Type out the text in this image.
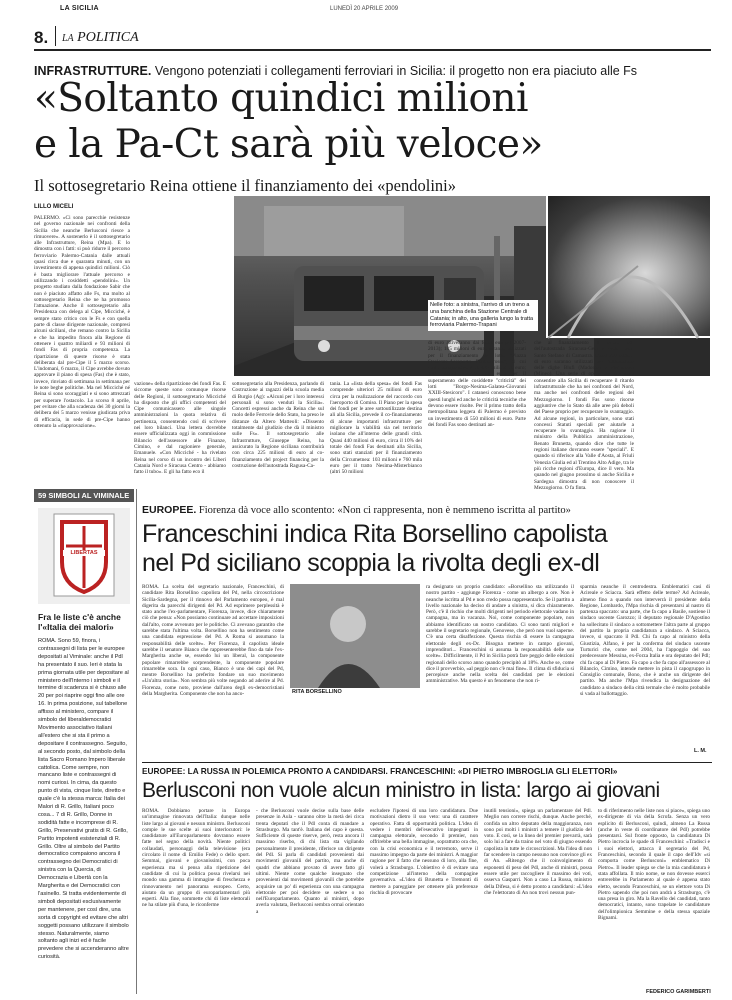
LA SICILIA	LUNEDÌ 20 APRILE 2009
8. la POLITICA
INFRASTRUTTURE. Vengono potenziati i collegamenti ferroviari in Sicilia: il progetto non era piaciuto alle Fs
«Soltanto quindici milioni
e la Pa-Ct sarà più veloce»
Il sottosegretario Reina ottiene il finanziamento dei «pendolini»
Nelle foto: a sinistra, l'arrivo di un treno a una banchina della Stazione Centrale di Catania; in alto, una galleria lungo la tratta ferroviaria Palermo-Trapani
LILLO MICELI
PALERMO. «Ci sono parecchie resistenze nel governo nazionale nei confronti della Sicilia che neanche Berlusconi riesce a rimuovere». A sostenerlo è il sottosegretario alle Infrastrutture, Reina (Mpa). E lo dimostra con i fatti: si può ridurre il percorso ferroviario Palermo-Catania dalle attuali quasi circa due e quaranta minuti, con un investimento di appena quindici milioni. Ciò è basta migliorare l'attuale percorso e utilizzando i cosiddetti «pendolini». Un progetto studiato dalla fondazione Sabir che non è piaciuto affatto alle Fs, ma molto al sottosegretario Reina che ne ha promosso l'attuazione. Anche il sottosegretario alla Presidenza con delega al Cipe, Micciché, è sempre stato critico con le Fs e con quella parte di classe dirigente nazionale, compresi alcuni siciliani, che remano contro la Sicilia e che ha impedito finora alla Regione di ottenere i quattro miliardi e 93 milioni di fondi Fas di propria competenza. La ripartizione di queste risorse è stata deliberata dal pre-Cipe il 5 marzo scorso. L'indomani, 6 marzo, il Cipe avrebbe dovuto approvare il piano di spesa (Fas) che è stato, invece, rinviato di settimana in settimana per le note beghe politiche. Ma nel Micciché né Reina si sono scoraggiati e si sono attrezzati per superare l'ostacolo. Lo scorso 8 aprile, per evitare che alla scadenza dei 30 giorni la delibera dei 5 marzo venisse giudicata priva di efficacia, in sede di pre-Cipe hanno ottenuto la «riapprovazione».
vazione» della ripartizione dei fondi Fas. E siccome queste sono comunque risorse delle Regioni, il sottosegretario Micciché ha disposto che gli uffici competenti del Cipe comunicassero alle singole amministrazioni la quota relativa di pertinenza, consentendo così di scrivere nei loro bilanci. Una lettera dovrebbe essere ufficializzata oggi in commissione Bilancio dell'assessore alle Finanze, Cimino, e dal ragioniere generale, Emanuele. «Con Micciché - ha rivelato Reina nel corso di un incontro dei Liberi Catania Nord e Siracusa Centro - abbiamo fatto il tubo». E gli ha fatto eco il
sottosegretario alla Presidenza, parlando di Costruzione ai ragazzi della scuola media di Burgio (Ag): «Alcuni per i loro interessi personali si sono venduti la Sicilia». Concetti espressi anche da Reina che sul ruolo delle Ferrovie dello Stato, ha preso le distanze da Altero Matteoli: «Dissento totalmente dal giudizio che dà il ministro sulle Fs». Il sottosegretario alle Infrastrutture, Giuseppe Reina, ha assicurato la Regione siciliana contribuirà con circa 225 milioni di euro al co-finanziamento del project financing per la costruzione dell'autostrada Ragusa-Ca-
tania. La «lista della spesa» dei fondi Fas comprende ulteriori 25 milioni di euro circa per la realizzazione del raccordo con l'aeroporto di Comiso. Il Piano per la spesa dei fondi per le aree sottoutilizzate destina ali alla Sicilia, prevede il co-finanziamento di alcune importanti infrastrutture per migliorare la viabilità sia nel territorio isolano che all'interno delle grandi città. Quasi 440 milioni di euro, circa il 10% del totale dei fondi Fas destinati alla Sicilia, sono stati stanziati per il finanziamento della Circumetnea: 103 milioni e 760 mila euro per il tratto Nesima-Misterbianco (altri 50 milioni
di euro attiveranno dai fondi europei 2007-2013); 185 milioni di euro saranno utilizzati per il finanziamento del lotto "Piazza Stesicoro-Aeroporto Fontanarossa", il cui costo complessivo è di 425 milioni di euro; 150 milioni e 700 mila euro per il superamento delle cosiddette "criticità" dei lotti "Borgo-Nesima-Galatea-Giovanni XXIII-Stesicoro". I catanesi conoscono bene questi lunghi ed anche le criticità tecniche che devono essere risolte. Per il primo tratto della metropolitana leggera di Palermo è previsto un investimento di 550 milioni di euro. Parte dei fondi Fas sono destinati an-
che al finanziamento di alcuni lotti dell'autostrada Siracusa-Gela e della Gela-Santo Stefano di Camastra. Quasi 200 milioni di euro saranno utilizzati per l'ultimazione delle dighe Blufi (Madonie) e Pietrarossa (Mineo). Una serie di opere che dovranno consentire alla Sicilia di recuperare il ritardo infrastrutturale che ha nei confronti del Nord, ma anche nei confronti delle regioni del Mezzogiorno. I fondi Fas sono risorse aggiuntive che lo Stato dà alle aree più deboli del Paese proprio per recuperare lo svantaggio. Ad alcune regioni, in particolare, sono stati concessi Statuti speciali per aiutarle a recuperare lo svantaggio. Ha ragione il ministro della Pubblica amministrazione, Renato Brunetta, quando dice che tutte le regioni italiane dovranno essere "speciali". E quando si riferisce alla Valle d'Aosta, al Friuli Venezia Giulia ed al Trentino Alto Adige, tra le più ricche regioni d'Europa, dice il vero. Ma quando nel giugno prossimo si anche Sicilia e Sardegna dimostra di non conoscere il Mezzogiorno. O fa finta.
59 SIMBOLI AL VIMINALE
LIBERTAS
Fra le liste c'è anche l'«Italia dei malori»
ROMA. Sono 59, finora, i contrassegni di lista per le europee depositati al Viminale: anche il Pdl ha presentato il suo. Ieri è stata la prima giornata utile per depositare al ministero dell'Interno i simboli e il termine di scadenza si è chiuso alle 20 per poi riaprire oggi fino alle ore 16. In prima posizione, sul tabellone affisso al ministero, compare il simbolo del liberaldemocratici Movimento associativo italiani all'estero che si sta il primo a depositare il contrassegno. Seguito, al secondo posto, dal simbolo della lista Sacro Romano Impero liberale cattolica. Come sempre, non mancano liste e contrassegni di nomi curiosi. In cima, da questo punto di vista, cinque liste, diretto e quale c'è la stessa marca: Italia dei Malori di R. Grillo, Italiani poco cosa... 7 di R. Grillo, Donne in sodidità fatte e incomprese di R. Grillo, Preservativi gratis di R. Grillo, Partito impotenti esistenziali di R. Grillo. Oltre al simbolo del Partito democratico compaiono ancora il contrassegno dei Democratici di sinistra con la Quercia, di Democrazia e Libertà con la Margherita e dei Democratici con l'asinello. Si tratta evidentemente di simboli depositati esclusivamente per mantenere, per così dire, una sorta di copyright ed evitare che altri soggetti possano utilizzare il simbolo stesso. Naturalmente, siamo soltanto agli inizi ed è facile prevedere che si accenderanno altre curiosità.
EUROPEE. Fiorenza dà voce allo scontento: «Non ci rappresenta, non è nemmeno iscritta al partito»
Franceschini indica Rita Borsellino capolista
nel Pd siciliano scoppia la rivolta degli ex-dl
ROMA. La scelta del segretario nazionale, Franceschini, di candidare Rita Borsellino capolista del Pd, nella circoscrizione Sicilia-Sardegna, per il rinnovo del Parlamento europeo, è mal digerita da parecchi dirigenti del Pd. Ad esprimere perplessità è stato anche l'ex-parlamentare, Fiorenza, invece, dice chiaramente ciò che pensa: «Non possiamo continuare ad accettare imposizioni dall'alto, come avvenuto per le politiche. Ci avevano garantito che sarebbe stata l'ultima volta. Borsellino non ha sentimento come una candidata espressione del Pd. A Roma si assumano la responsabilità delle scelte». Per Fiorenza, il capolista ideale sarebbe il senatore Bianco che rappresenterebbe fino da tale l'ex-Margherita anche se, essendo lui un liberal, la componente popolare rimarrebbe sorprendente, la componente popolare rimarrebbe sora. In ogni caso, Bianco è uno dei capi del Pd, mentre Borsellino ha preferito fondare un suo movimento «Un'altra storia». Non sembra più volte negando ad aderire al Pd. Fiorenza, come noto, proviene dall'area degli ex-democristiani della Margherita. Componente che non ha anco-	RITA BORSELLINO
ra designato un proprio candidato: «Borsellino sta utilizzando il nostro partito - aggiunge Fiorenza - come un albergo a ore. Non è neanche iscritta al Pd e non credo possa rappresentarlo. Se il partito a livello nazionale ha deciso di andare a sinistra, si dica chiaramente. Però, c'è il rischio che molti dirigenti nel periodo elettorale vadano in campagna, ma in vacanza. Noi, come componente popolare, non abbiamo identificato un nostro candidato. Ci sono tanti migliori e sarebbe il segretario regionale, Genovese, che però non vuol saperne. C'è una certa disaffezione. Questa rischia di essere la campagna elettorale degli ex-Dc. Bisogna mettere in campo giovani, imprenditori... Franceschini si assuma la responsabilità delle sue scelte». Difficilmente, il Pd in Sicilia potrà fare peggio delle elezioni regionali dello scorso anno quando precipitò al 18%. Anche se, come dice il provverbio, «al peggio non c'è mai fine». Il clima di sfiducia si percepisce anche nella scelta dei candidati per le elezioni amministrative. Ma questo è un fenomeno che non ri-
sparmia neanche il centrodestra. Emblematici casi di Acireale e Sciacca. Sarà effetto delle terme? Ad Acireale, almeno fino a quando non interverrà il presidente della Regione, Lombardo, l'Mpa rischia di presentarsi al nastro di partenza spaccato: una parte, che fa capo a Basile, sostiene il sindaco uscente Garozzo; il deputato regionale D'Agostino ha sollecitato il sindaco a sottomettere l'altra parte al gruppo del partito la propria candidatura a sindaco. A Sciacca, invece, si spaccato il Pdl. Chi fa capo al ministro della Giustizia, Alfano, è per la conferma del sindaco uscente Turturici che, come nel 2004, ha l'appoggio del suo predecessore Messina, ex-Forza Italia e ora deputato del Pdl; chi fa capo al Di Pietro. Fa capo a che fa capo all'assessore al Bilancio, Cimino, intende mettere in pista il capogruppo in Consiglio comunale, Bono, che è anche un dirigente del partito. Ma anche l'Mpa rivendica la designazione del candidato a sindaco della città termale che è molto probabile si vada al ballottaggio.
L. M.
EUROPEE: LA RUSSA IN POLEMICA PRONTO A CANDIDARSI. FRANCESCHINI: «DI PIETRO IMBROGLIA GLI ELETTORI»
Berlusconi non vuole alcun ministro in lista: largo ai giovani
ROMA. Dobbiamo portare in Europa un'immagine rinnovata dell'Italia: dunque nelle liste largo ai giovani e nessun ministro. Berlusconi compie le sue scelte ai suoi interlocutori: le candidature all'Europarlamento dovranno essere fatte nel segno della novità. Niente politici collaudati, personaggi della televisione (era circolato il nome di Emilio Fede) o dello sport. Semmai, giovani e giovanissimi, con poca esperienza ma si pensa alla ripetizione del candidate di cui la politica possa rivelarsi nei mondo una gamma di immagine di freschezza e rinnovamento nel panorama europeo. Certo, aiutato da un gruppo di europarlamentari più esperti. Alla fine, sommette chi di liste elettorali ne ha stilate più d'una, le riconferme
- che Berlusconi vuole decise sulla base delle presenze in Aula - saranno oltre la metà dei circa trenta deputati che il Pdl conta di mandare a Strasburgo. Ma tant'è. Italiana del capo è questa. Sufficiente di queste riserve, però, resta ancora il massimo riserbo, di chi lista sta vigilando personalmente il presidente, riferisce un dirigente del Pdl. Si parla di candidati provenienti dai movimenti giovanili del partito, ma anche di quadri che abbiano provato di avere fatto gli ultimi. Niente come qualche insegnato che provenienti dai movimenti giovanili che potrebbe acquisire un po' di esperienza con una campagna elettorale per poi decidere se sedere o no nell'Europarlamento. Quanto ai ministri, dopo averla valutata, Berlusconi sembra ormai orientato a
escludere l'ipotesi di una loro candidatura. Due motivazioni dietro il suo veto: una di carattere operativo. Fatta di opportunità politica. L'idea di vedere i membri del'esecutivo impegnati in campagna elettorale, secondo il premier, non offrirebbe una bella immagine, soprattutto ora che, con la crisi economica e il terremoto, serve il massimo impegno da parte dei ministri. A maggior ragione per il fatto che nessuno di loro, alla fine, volerà a Strasburgo. L'obiettivo è di evitare una competizione all'interno della compagine governativa. «L'idea di Brunetta e Tremonti di mettere a pareggiare per ottenere più preferenze rischia di provocare
inutili tensioni», spiega un parlamentare del Pdl. Meglio non correre rischi, dunque. Anche perché, confida un altro deputato della maggioranza, non sono poi molti i ministri a temere il giudizio del voto. E così, se la linea del premier prevarrà, sarà solo lui a fare da traino nel voto di giugno essendo capolista in tutte le circoscrizioni. Ma l'idea di non far scendere in campo nessuno non convince gli ex di An. «Ritengo che il coinvolgimento di esponenti di peso del Pdl, anche di ministri, possa essere utile per raccogliere il massimo dei voti, osserva Gasparri. Non a caso La Russa, ministro della Difesa, si è detto pronto a candidarsi: «L'idea che l'elettorato di An non trovi nessun pun-
to di riferimento nelle liste non si piace», spiega uno ex-dirigente di via della Scrofa. Senza un vero esplicito di Berlusconi, quindi, almeno La Russa (anche in veste di coordinatore del Pdl) potrebbe presentarsi. Sul fronte opposto, la candidatura Di Pietro incrocia le spade di Franceschini: «Tradisci e i suoi elettori, attacca il segretario del Pd, Franceschini, secondo il quale il capo dell'Idv «si comporta come Berlusconi» emblematico Di Pietro». Il leader spiega se che la mia candidatura è stata affollata. Il mio nome, se non dovesse esserci entrerebbe in Parlamento al quale è appena stato eletto, secondo Franceschini, se un elettore vota Di Pietro sapendo che poi non andrà a Strasburgo, c'è una presa in giro. Ma la Ravello dei candidati, tanto democratici, intanto, sono trapelate le candidature dell'olimpionica Semmine e della stessa spaziale Bignami.
FEDERICO GARIMBERTI
